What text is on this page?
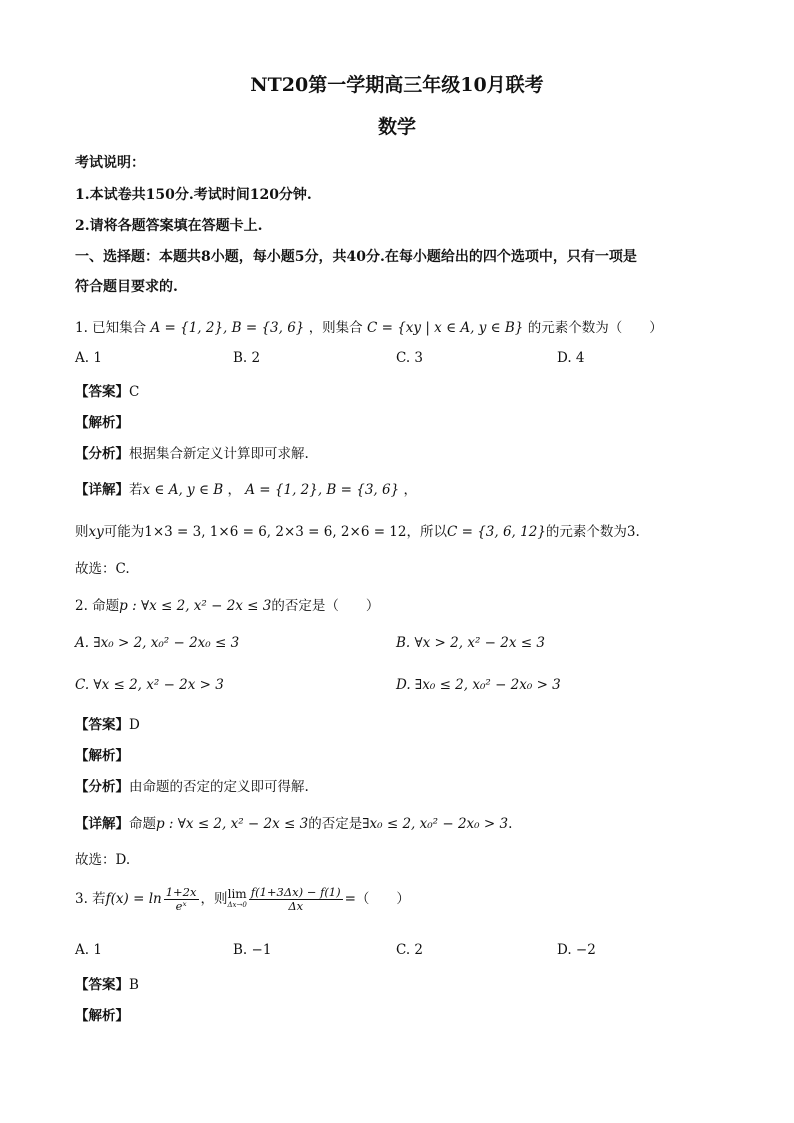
NT20第一学期高三年级10月联考
数学
考试说明：
1.本试卷共150分.考试时间120分钟.
2.请将各题答案填在答题卡上.
一、选择题：本题共8小题，每小题5分，共40分.在每小题给出的四个选项中，只有一项是
符合题目要求的.
1. 已知集合 A = {1, 2}, B = {3, 6} ，则集合 C = {xy | x ∈ A, y ∈ B} 的元素个数为（　　）
A. 1	B. 2	C. 3	D. 4
【答案】C
【解析】
【分析】根据集合新定义计算即可求解.
【详解】若x ∈ A, y ∈ B ， A = {1, 2}, B = {3, 6} ，
则xy可能为1×3 = 3, 1×6 = 6, 2×3 = 6, 2×6 = 12，所以C = {3, 6, 12}的元素个数为3.
故选：C.
2. 命题p : ∀x ≤ 2, x² − 2x ≤ 3的否定是（　　）
A. ∃x₀ > 2, x₀² − 2x₀ ≤ 3	B. ∀x > 2, x² − 2x ≤ 3
C. ∀x ≤ 2, x² − 2x > 3	D. ∃x₀ ≤ 2, x₀² − 2x₀ > 3
【答案】D
【解析】
【分析】由命题的否定的定义即可得解.
【详解】命题p : ∀x ≤ 2, x² − 2x ≤ 3的否定是∃x₀ ≤ 2, x₀² − 2x₀ > 3.
故选：D.
3. 若$f(x) = \ln \frac{1+2x}{\text{eˣ}}$ ，则lim
$\Delta x\to 0 \frac{f(1+3\Delta x) - f(1)}{\Delta x}$ =（　　）
A. 1	B. −1	C. 2	D. −2
【答案】B
【解析】
